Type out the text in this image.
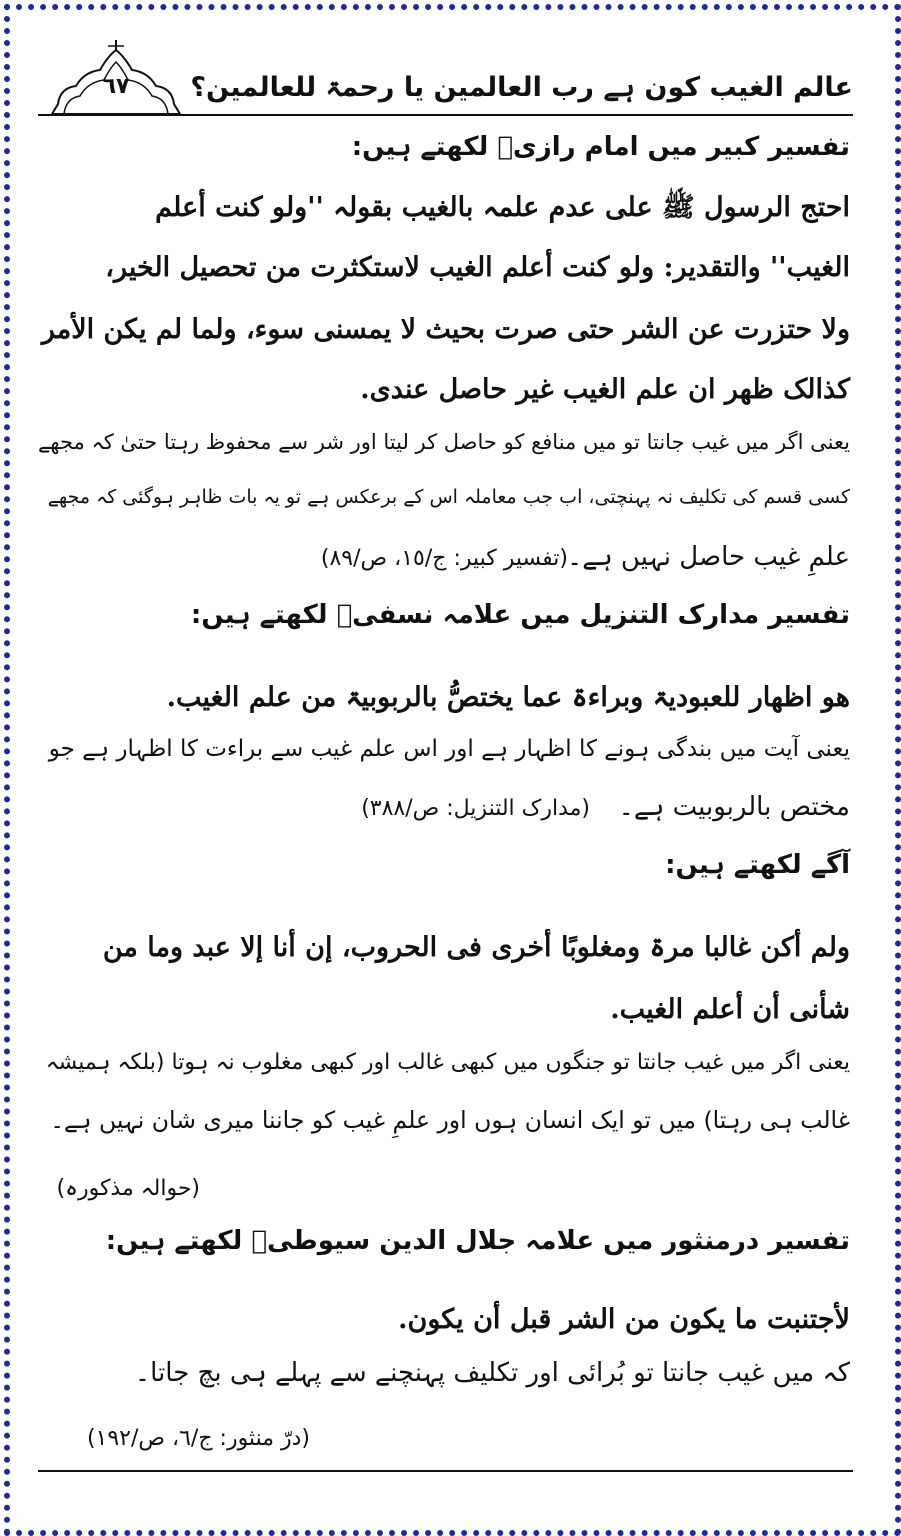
عالم الغیب کون ہے رب العالمین یا رحمۃ للعالمین؟
٦٧
تفسیر کبیر میں امام رازیؒ لکھتے ہیں:
احتج الرسول ﷺ علی عدم علمہ بالغیب بقولہ ''ولو کنت أعلم
الغیب'' والتقدیر: ولو کنت أعلم الغیب لاستکثرت من تحصیل الخیر،
ولا حتزرت عن الشر حتی صرت بحیث لا یمسنی سوء، ولما لم یکن الأمر
کذالک ظھر ان علم الغیب غیر حاصل عندی.
یعنی اگر میں غیب جانتا تو میں منافع کو حاصل کر لیتا اور شر سے محفوظ رہتا حتیٰ کہ مجھے
کسی قسم کی تکلیف نہ پہنچتی، اب جب معاملہ اس کے برعکس ہے تو یہ بات ظاہر ہوگئی کہ مجھے
علمِ غیب حاصل نہیں ہے۔
(تفسیر کبیر: ج/١٥، ص/٨٩)
تفسیر مدارک التنزیل میں علامہ نسفیؒ لکھتے ہیں:
ھو اظھار للعبودیۃ وبراءۃ عما یختصُّ بالربوبیۃ من علم الغیب.
یعنی آیت میں بندگی ہونے کا اظہار ہے اور اس علم غیب سے براءت کا اظہار ہے جو
مختص بالربوبیت ہے۔
(مدارک التنزیل: ص/٣٨٨)
آگے لکھتے ہیں:
ولم أکن غالبا مرۃ ومغلوبًا أخری فی الحروب، إن أنا إلا عبد وما من
شأنی أن أعلم الغیب.
یعنی اگر میں غیب جانتا تو جنگوں میں کبھی غالب اور کبھی مغلوب نہ ہوتا (بلکہ ہمیشہ
غالب ہی رہتا) میں تو ایک انسان ہوں اور علمِ غیب کو جاننا میری شان نہیں ہے۔
(حوالہ مذکورہ)
تفسیر درمنثور میں علامہ جلال الدین سیوطیؒ لکھتے ہیں:
لأجتنبت ما یکون من الشر قبل أن یکون.
کہ میں غیب جانتا تو بُرائی اور تکلیف پہنچنے سے پہلے ہی بچ جاتا۔
(درّ منثور: ج/٦، ص/١٩٢)
